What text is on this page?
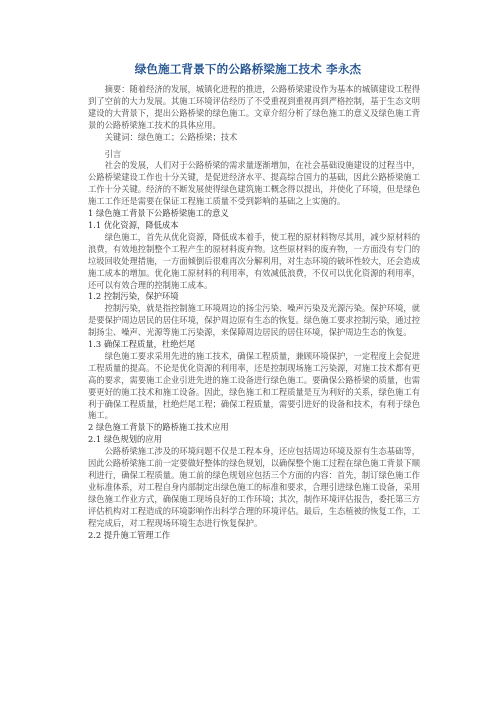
绿色施工背景下的公路桥梁施工技术 李永杰

摘要：随着经济的发展，城镇化进程的推进，公路桥梁建设作为基本的城镇建设工程得到了空前的大力发展。其施工环境评估经历了不受重视到重视再到严格控制，基于生态文明建设的大背景下，提出公路桥梁的绿色施工。文章介绍分析了绿色施工的意义及绿色施工背景的公路桥梁施工技术的具体应用。

关键词：绿色施工；公路桥梁；技术

引言

社会的发展，人们对于公路桥梁的需求量逐渐增加，在社会基础设施建设的过程当中，公路桥梁建设工作也十分关键，是促进经济水平、提高综合国力的基础，因此公路桥梁施工工作十分关键。经济的不断发展使得绿色建筑施工概念得以提出，并使化了环境，但是绿色施工工作还是需要在保证工程施工质量不受到影响的基础之上实施的。

1 绿色施工背景下公路桥梁施工的意义

1.1 优化资源，降低成本

绿色施工，首先从优化资源，降低成本着手，使工程的原材料物尽其用，减少原材料的浪费，有效地控制整个工程产生的原材料废弃物。这些原材料的废弃物，一方面没有专门的垃圾回收处理措施，一方面倾倒后很难再次分解利用，对生态环境的破坏性较大，还会造成施工成本的增加。优化施工原材料的利用率，有效减低浪费，不仅可以优化资源的利用率，还可以有效合理的控制施工成本。

1.2 控制污染，保护环境

控制污染，就是指控制施工环境周边的扬尘污染、噪声污染及光源污染。保护环境，就是要保护周边居民的居住环境，保护周边原有生态的恢复。绿色施工要求控制污染，通过控制扬尘、噪声、光源等施工污染源，来保障周边居民的居住环境，保护周边生态的恢复。

1.3 确保工程质量，杜绝烂尾

绿色施工要求采用先进的施工技术，确保工程质量，兼顾环境保护，一定程度上会促进工程质量的提高。不论是优化资源的利用率，还是控制现场施工污染源，对施工技术都有更高的要求，需要施工企业引进先进的施工设备进行绿色施工。要确保公路桥梁的质量，也需要更好的施工技术和施工设备。因此，绿色施工和工程质量是互为利好的关系，绿色施工有利于确保工程质量，杜绝烂尾工程；确保工程质量，需要引进好的设备和技术，有利于绿色施工。

2 绿色施工背景下的路桥施工技术应用

2.1 绿色规划的应用

公路桥梁施工涉及的环境问题不仅是工程本身，还应包括周边环境及原有生态基础等，因此公路桥梁施工前一定要做好整体的绿色规划，以确保整个施工过程在绿色施工背景下顺利进行，确保工程质量。施工前的绿色规划应包括三个方面的内容：首先，制订绿色施工作业标准体系，对工程自身内部制定出绿色施工的标准和要求，合理引进绿色施工设备，采用绿色施工作业方式，确保施工现场良好的工作环境；其次，制作环境评估报告，委托第三方评估机构对工程造成的环境影响作出科学合理的环境评估。最后，生态植被的恢复工作，工程完成后，对工程现场环境生态进行恢复保护。

2.2 提升施工管理工作
